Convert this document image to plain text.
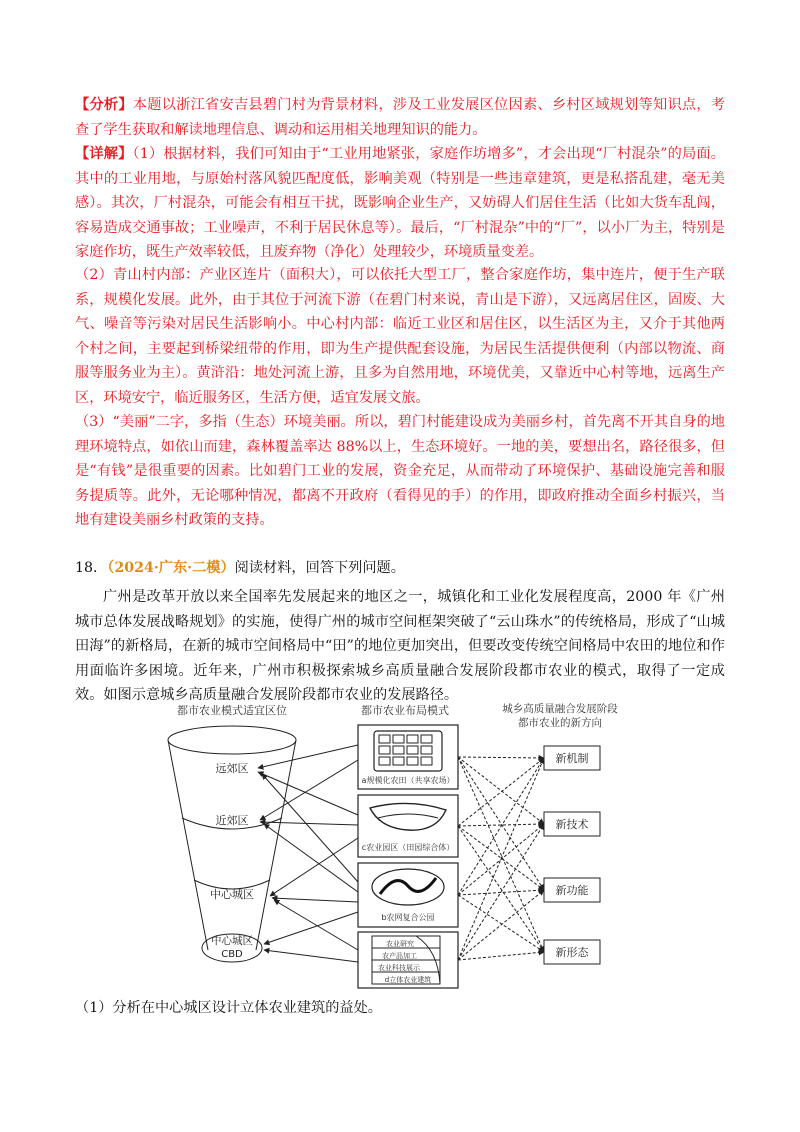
【分析】本题以浙江省安吉县碧门村为背景材料，涉及工业发展区位因素、乡村区域规划等知识点，考查了学生获取和解读地理信息、调动和运用相关地理知识的能力。

【详解】（1）根据材料，我们可知由于“工业用地紧张，家庭作坊增多”，才会出现“厂村混杂”的局面。其中的工业用地，与原始村落风貌匹配度低，影响美观（特别是一些违章建筑，更是私搭乱建，毫无美感）。其次，厂村混杂，可能会有相互干扰，既影响企业生产，又妨碍人们居住生活（比如大货车乱闯，容易造成交通事故；工业噪声，不利于居民休息等）。最后，“厂村混杂”中的“厂”，以小厂为主，特别是家庭作坊，既生产效率较低，且废弃物（净化）处理较少，环境质量变差。

（2）青山村内部：产业区连片（面积大），可以依托大型工厂，整合家庭作坊，集中连片，便于生产联系，规模化发展。此外，由于其位于河流下游（在碧门村来说，青山是下游），又远离居住区，固废、大气、噪音等污染对居民生活影响小。中心村内部：临近工业区和居住区，以生活区为主，又介于其他两个村之间，主要起到桥梁纽带的作用，即为生产提供配套设施，为居民生活提供便利（内部以物流、商服等服务业为主）。黄浒沿：地处河流上游，且多为自然用地，环境优美，又靠近中心村等地，远离生产区，环境安宁，临近服务区，生活方便，适宜发展文旅。

（3）“美丽”二字，多指（生态）环境美丽。所以，碧门村能建设成为美丽乡村，首先离不开其自身的地理环境特点，如依山而建，森林覆盖率达 88%以上，生态环境好。一地的美，要想出名，路径很多，但是“有钱”是很重要的因素。比如碧门工业的发展，资金充足，从而带动了环境保护、基础设施完善和服务提质等。此外，无论哪种情况，都离不开政府（看得见的手）的作用，即政府推动全面乡村振兴，当地有建设美丽乡村政策的支持。

18．（2024·广东·二模）阅读材料，回答下列问题。

广州是改革开放以来全国率先发展起来的地区之一，城镇化和工业化发展程度高，2000 年《广州城市总体发展战略规划》的实施，使得广州的城市空间框架突破了“云山珠水”的传统格局，形成了“山城田海”的新格局，在新的城市空间格局中“田”的地位更加突出，但要改变传统空间格局中农田的地位和作用面临许多困境。近年来，广州市积极探索城乡高质量融合发展阶段都市农业的模式，取得了一定成效。如图示意城乡高质量融合发展阶段都市农业的发展路径。

都市农业模式适宜区位	都市农业布局模式	城乡高质量融合发展阶段
都市农业的新方向
远郊区
近郊区
中心城区
中心城区
CBD
a规模化农田（共享农场）
c农业园区（田园综合体）
b农网复合公园
农业研究
农产品加工
农业科技展示
d立体农业建筑
新机制
新技术
新功能
新形态

（1）分析在中心城区设计立体农业建筑的益处。
